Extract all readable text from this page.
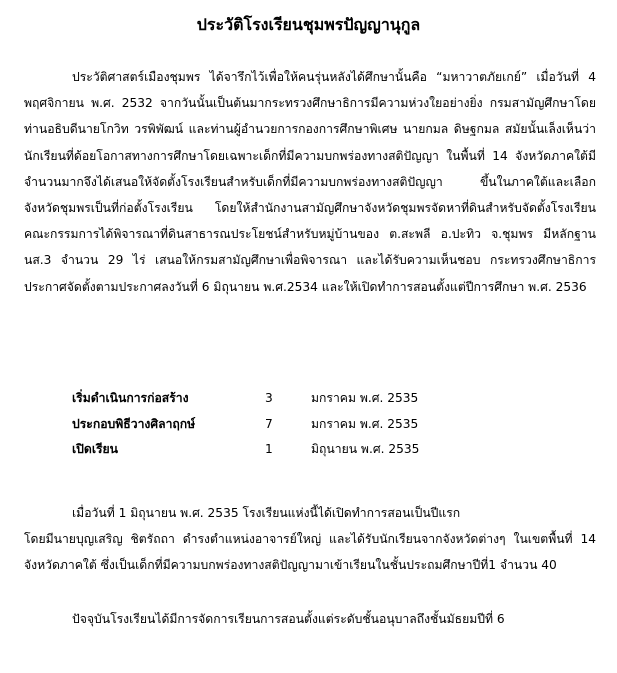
ประวัติโรงเรียนชุมพรปัญญานุกูล

ประวัติศาสตร์เมืองชุมพร ได้จารึกไว้เพื่อให้คนรุ่นหลังได้ศึกษานั้นคือ “มหาวาตภัยเกย์” เมื่อวันที่ 4 พฤศจิกายน พ.ศ. 2532 จากวันนั้นเป็นต้นมากระทรวงศึกษาธิการมีความห่วงใยอย่างยิ่ง กรมสามัญศึกษาโดยท่านอธิบดีนายโกวิท วรพิพัฒน์ และท่านผู้อำนวยการกองการศึกษาพิเศษ นายกมล ดิษฐกมล สมัยนั้นเล็งเห็นว่านักเรียนที่ด้อยโอกาสทางการศึกษาโดยเฉพาะเด็กที่มีความบกพร่องทางสติปัญญา ในพื้นที่ 14 จังหวัดภาคใต้มีจำนวนมากจึงได้เสนอให้จัดตั้งโรงเรียนสำหรับเด็กที่มีความบกพร่องทางสติปัญญา ขึ้นในภาคใต้และเลือกจังหวัดชุมพรเป็นที่ก่อตั้งโรงเรียน โดยให้สำนักงานสามัญศึกษาจังหวัดชุมพรจัดหาที่ดินสำหรับจัดตั้งโรงเรียน คณะกรรมการได้พิจารณาที่ดินสาธารณประโยชน์สำหรับหมู่บ้านของ ต.สะพลี อ.ปะทิว จ.ชุมพร มีหลักฐาน นส.3 จำนวน 29 ไร่ เสนอให้กรมสามัญศึกษาเพื่อพิจารณา และได้รับความเห็นชอบ กระทรวงศึกษาธิการประกาศจัดตั้งตามประกาศลงวันที่ 6 มิถุนายน พ.ศ.2534 และให้เปิดทำการสอนตั้งแต่ปีการศึกษา พ.ศ. 2536

เริ่มดำเนินการก่อสร้าง	3	มกราคม พ.ศ. 2535
ประกอบพิธีวางศิลาฤกษ์	7	มกราคม พ.ศ. 2535
เปิดเรียน	1	มิถุนายน พ.ศ. 2535

เมื่อวันที่ 1 มิถุนายน พ.ศ. 2535 โรงเรียนแห่งนี้ได้เปิดทำการสอนเป็นปีแรก
โดยมีนายบุญเสริญ ชิตรัถถา ดำรงตำแหน่งอาจารย์ใหญ่ และได้รับนักเรียนจากจังหวัดต่างๆ ในเขตพื้นที่ 14 จังหวัดภาคใต้ ซึ่งเป็นเด็กที่มีความบกพร่องทางสติปัญญามาเข้าเรียนในชั้นประถมศึกษาปีที่1 จำนวน 40

ปัจจุบันโรงเรียนได้มีการจัดการเรียนการสอนตั้งแต่ระดับชั้นอนุบาลถึงชั้นมัธยมปีที่ 6
